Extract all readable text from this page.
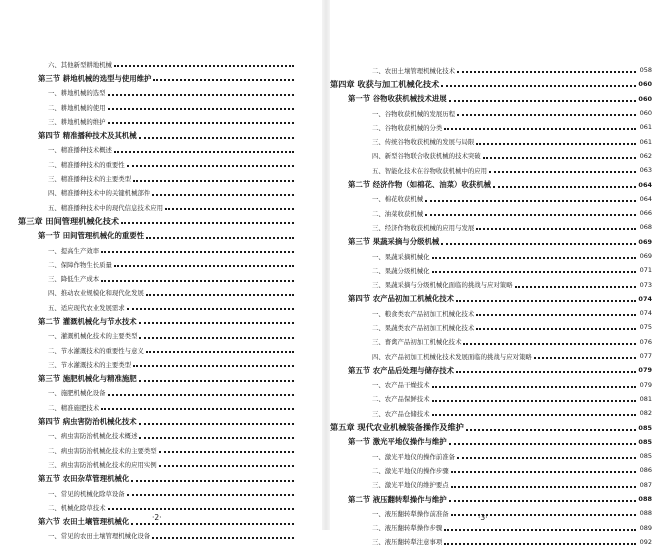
六、其他新型耕地机械
第三节 耕地机械的选型与使用维护
一、耕地机械的选型
二、耕地机械的使用
三、耕地机械的维护
第四节 精准播种技术及其机械
一、精准播种技术概述
二、精准播种技术的重要性
三、精准播种技术的主要类型
四、精准播种技术中的关键机械部件
五、精准播种技术中的现代信息技术应用
第三章 田间管理机械化技术
第一节 田间管理机械化的重要性
一、提高生产效率
二、保障作物生长质量
三、降低生产成本
四、推动农业规模化和现代化发展
五、适应现代农业发展需求
第二节 灌溉机械化与节水技术
一、灌溉机械化技术的主要类型
二、节水灌溉技术的重要性与意义
三、节水灌溉技术的主要类型
第三节 施肥机械化与精准施肥
一、施肥机械化设备
二、精准施肥技术
第四节 病虫害防治机械化技术
一、病虫害防治机械化技术概述
二、病虫害防治机械化技术的主要类型
三、病虫害防治机械化技术的应用实例
第五节 农田杂草管理机械化
一、常见的机械化除草设备
二、机械化除草技术
第六节 农田土壤管理机械化
一、常见的农田土壤管理机械化设备
·2·
二、农田土壤管理机械化技术	058
第四章 收获与加工机械化技术	060
第一节 谷物收获机械技术进展	060
一、谷物收获机械的发展历程	060
二、谷物收获机械的分类	061
三、传统谷物收获机械的发展与局限	061
四、新型谷物联合收获机械的技术突破	062
五、智能化技术在谷物收获机械中的应用	063
第二节 经济作物（如棉花、油菜）收获机械	064
一、棉花收获机械	064
二、油菜收获机械	066
三、经济作物收获机械的应用与发展	068
第三节 果蔬采摘与分级机械	069
一、果蔬采摘机械化	069
二、果蔬分级机械化	071
三、果蔬采摘与分级机械化面临的挑战与应对策略	073
第四节 农产品初加工机械化技术	074
一、粮食类农产品初加工机械化技术	074
二、果蔬类农产品初加工机械化技术	075
三、畜禽产品初加工机械化技术	076
四、农产品初加工机械化技术发展面临的挑战与应对策略	077
第五节 农产品后处理与储存技术	079
一、农产品干燥技术	079
二、农产品保鲜技术	081
三、农产品仓储技术	082
第五章 现代农业机械装备操作及维护	085
第一节 激光平地仪操作与维护	085
一、激光平地仪的操作前准备	085
二、激光平地仪的操作步骤	086
三、激光平地仪的维护要点	087
第二节 液压翻转犁操作与维护	088
一、液压翻转犁操作前准备	088
二、液压翻转犁操作步骤	089
三、液压翻转犁注意事项	092
·3·
